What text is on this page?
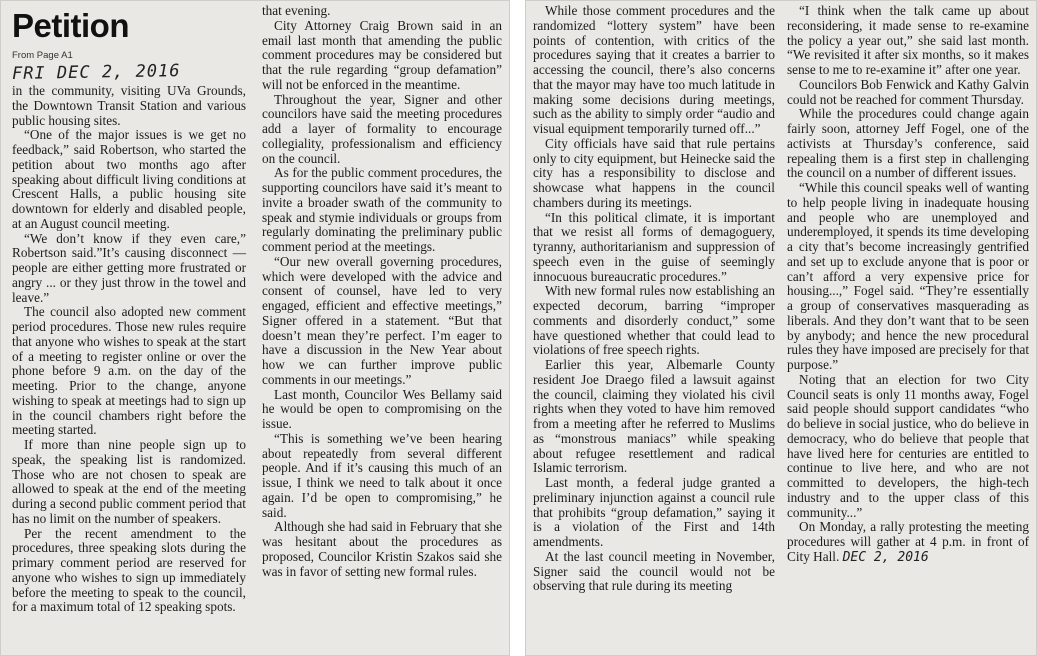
Petition
From Page A1
FRI DEC 2, 2016

in the community, visiting UVa Grounds, the Downtown Transit Station and various public housing sites.

“One of the major issues is we get no feedback,” said Robertson, who started the petition about two months ago after speaking about difficult living conditions at Crescent Halls, a public housing site downtown for elderly and disabled people, at an August council meeting.

“We don’t know if they even care,” Robertson said.”It’s causing disconnect — people are either getting more frustrated or angry ... or they just throw in the towel and leave.”

The council also adopted new comment period procedures. Those new rules require that anyone who wishes to speak at the start of a meeting to register online or over the phone before 9 a.m. on the day of the meeting. Prior to the change, anyone wishing to speak at meetings had to sign up in the council chambers right before the meeting started.

If more than nine people sign up to speak, the speaking list is randomized. Those who are not chosen to speak are allowed to speak at the end of the meeting during a second public comment period that has no limit on the number of speakers.

Per the recent amendment to the procedures, three speaking slots during the primary comment period are reserved for anyone who wishes to sign up immediately before the meeting to speak to the council, for a maximum total of 12 speaking spots.

that evening.

City Attorney Craig Brown said in an email last month that amending the public comment procedures may be considered but that the rule regarding “group defamation” will not be enforced in the meantime.

Throughout the year, Signer and other councilors have said the meeting procedures add a layer of formality to encourage collegiality, professionalism and efficiency on the council.

As for the public comment procedures, the supporting councilors have said it’s meant to invite a broader swath of the community to speak and stymie individuals or groups from regularly dominating the preliminary public comment period at the meetings.

“Our new overall governing procedures, which were developed with the advice and consent of counsel, have led to very engaged, efficient and effective meetings,” Signer offered in a statement. “But that doesn’t mean they’re perfect. I’m eager to have a discussion in the New Year about how we can further improve public comments in our meetings.”

Last month, Councilor Wes Bellamy said he would be open to compromising on the issue.

“This is something we’ve been hearing about repeatedly from several different people. And if it’s causing this much of an issue, I think we need to talk about it once again. I’d be open to compromising,” he said.

Although she had said in February that she was hesitant about the procedures as proposed, Councilor Kristin Szakos said she was in favor of setting new formal rules.

While those comment procedures and the randomized “lottery system” have been points of contention, with critics of the procedures saying that it creates a barrier to accessing the council, there’s also concerns that the mayor may have too much latitude in making some decisions during meetings, such as the ability to simply order “audio and visual equipment temporarily turned off...”

City officials have said that rule pertains only to city equipment, but Heinecke said the city has a responsibility to disclose and showcase what happens in the council chambers during its meetings.

“In this political climate, it is important that we resist all forms of demagoguery, tyranny, authoritarianism and suppression of speech even in the guise of seemingly innocuous bureaucratic procedures.”

With new formal rules now establishing an expected decorum, barring “improper comments and disorderly conduct,” some have questioned whether that could lead to violations of free speech rights.

Earlier this year, Albemarle County resident Joe Draego filed a lawsuit against the council, claiming they violated his civil rights when they voted to have him removed from a meeting after he referred to Muslims as “monstrous maniacs” while speaking about refugee resettlement and radical Islamic terrorism.

Last month, a federal judge granted a preliminary injunction against a council rule that prohibits “group defamation,” saying it is a violation of the First and 14th amendments.

At the last council meeting in November, Signer said the council would not be observing that rule during its meeting

“I think when the talk came up about reconsidering, it made sense to re-examine the policy a year out,” she said last month. “We revisited it after six months, so it makes sense to me to re-examine it” after one year.

Councilors Bob Fenwick and Kathy Galvin could not be reached for comment Thursday.

While the procedures could change again fairly soon, attorney Jeff Fogel, one of the activists at Thursday’s conference, said repealing them is a first step in challenging the council on a number of different issues.

“While this council speaks well of wanting to help people living in inadequate housing and people who are unemployed and underemployed, it spends its time developing a city that’s become increasingly gentrified and set up to exclude anyone that is poor or can’t afford a very expensive price for housing...,” Fogel said. “They’re essentially a group of conservatives masquerading as liberals. And they don’t want that to be seen by anybody; and hence the new procedural rules they have imposed are precisely for that purpose.”

Noting that an election for two City Council seats is only 11 months away, Fogel said people should support candidates “who do believe in social justice, who do believe in democracy, who do believe that people that have lived here for centuries are entitled to continue to live here, and who are not committed to developers, the high-tech industry and to the upper class of this community...”

On Monday, a rally protesting the meeting procedures will gather at 4 p.m. in front of City Hall. DEC 2, 2016
